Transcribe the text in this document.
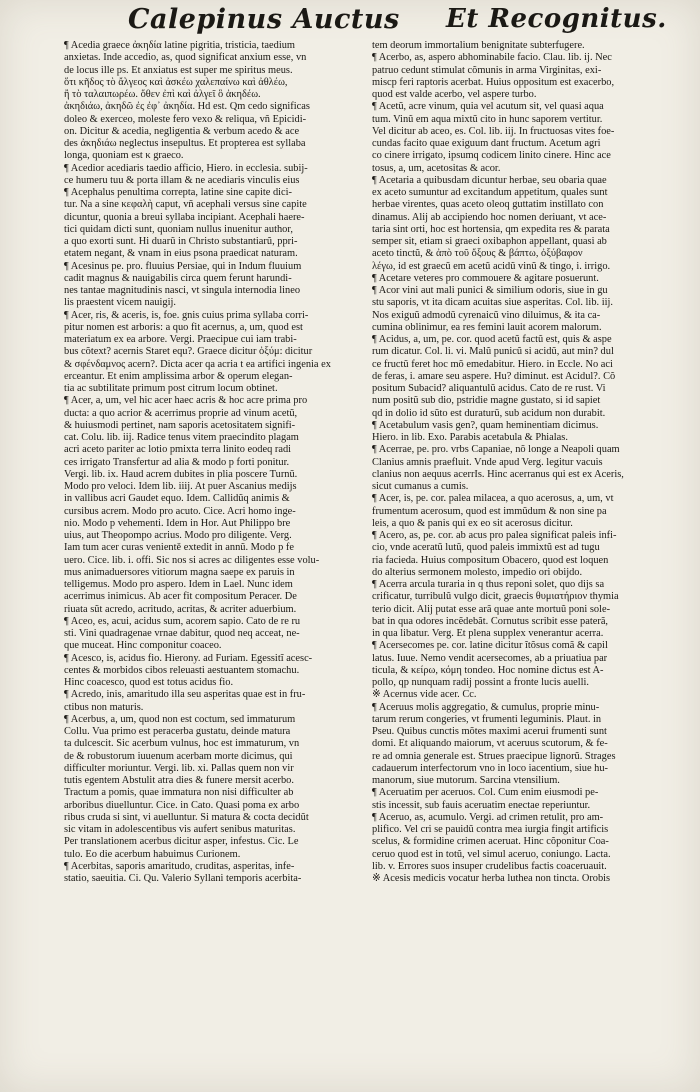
Calepinus Auctus Et Recognitus.
¶ Acedia graece ἀκηδία latine pigritia, tristicia, taedium
anxietas. Inde accedio, as, quod significat anxium esse, vn
de locus ille ps. Et anxiatus est super me spiritus meus.
ὅτι κῆδος τὸ ἄλγεος καὶ ἀσκέω χαλεπαίνω καὶ ἀθλέω,
ἢ τὸ ταλαιπωρέω. ὅθεν ἐπὶ καὶ ἀλγεῖ ὃ ἀκηδέω.
ἀκηδιάω, ἀκηδῶ ἐς ἐφ᾿ ἀκηδία. Hd est. Qm cedo significas
doleo & exerceo, moleste fero vexo & reliqua, vñ Epicidi-
on. Dicitur & acedia, negligentia & verbum acedo & ace
des ἀκηδιάω neglectus insepultus. Et propterea est syllaba
longa, quoniam est κ graeco.
¶ Acedior acediaris taedio afficio, Hiero. in ecclesia. subij-
ce humeru tuu & porta illam & ne acediaris vinculis eius
¶ Acephalus penultima correpta, latine sine capite dici-
tur. Na a sine κεφαλὴ caput, vñ acephali versus sine capite
dicuntur, quonia a breui syllaba incipiant. Acephali haere-
tici quidam dicti sunt, quoniam nullus inuenitur author,
a quo exorti sunt. Hi duarũ in Christo substantiarũ, ppri-
etatem negant, & vnam in eius psona praedicat naturam.
¶ Acesinus pe. pro. fluuius Persiae, qui in Indum fluuium
cadit magnus & nauigabilis circa quem ferunt harundi-
nes tantae magnitudinis nasci, vt singula internodia lineo
lis praestent vicem nauigij.
¶ Acer, ris, & aceris, is, foe. gnis cuius prima syllaba corri-
pitur nomen est arboris: a quo fit acernus, a, um, quod est
materiatum ex ea arbore. Vergi. Praecipue cui iam trabi-
bus cõtext? acernis Staret equ?. Graece dicitur ὀξύμ: dicitur
& σφένδαμνος acern?. Dicta acer qa acria t ea artifici ingenia ex
erceantur. Et enim amplissima arbor & operum elegan-
tia ac subtilitate primum post citrum locum obtinet.
¶ Acer, a, um, vel hic acer haec acris & hoc acre prima pro
ducta: a quo acrior & acerrimus proprie ad vinum acetũ,
& huiusmodi pertinet, nam saporis acetositatem signifi-
cat. Colu. lib. iij. Radice tenus vitem praecindito plagam
acri aceto pariter ac lotio pmixta terra linito eodeq radi
ces irrigato Transfertur ad alia & modo p forti ponitur.
Vergi. lib. ix. Haud acrem dubites in plia poscere Turnũ.
Modo pro veloci. Idem lib. iiij. At puer Ascanius medijs
in vallibus acri Gaudet equo. Idem. Callidũq animis &
cursibus acrem. Modo pro acuto. Cice. Acri homo inge-
nio. Modo p vehementi. Idem in Hor. Aut Philippo bre
uius, aut Theopompo acrius. Modo pro diligente. Verg.
Iam tum acer curas venientě extedit in annũ. Modo p fe
uero. Cice. lib. i. offi. Sic nos si acres ac diligentes esse volu-
mus animaduersores vitiorum magna saepe ex paruis in
telligemus. Modo pro aspero. Idem in Lael. Nunc idem
acerrimus inimicus. Ab acer fit compositum Peracer. De
riuata sũt acredo, acritudo, acritas, & acriter aduerbium.
¶ Aceo, es, acui, acidus sum, acorem sapio. Cato de re ru
sti. Vini quadragenae vrnae dabitur, quod neq acceat, ne-
que muceat. Hinc componitur coaceo.
¶ Acesco, is, acidus fio. Hierony. ad Furiam. Egessitĩ acesc-
centes & morbidos cibos releuasti aestuantem stomachu.
Hinc coacesco, quod est totus acidus fio.
¶ Acredo, inis, amaritudo illa seu asperitas quae est in fru-
ctibus non maturis.
¶ Acerbus, a, um, quod non est coctum, sed immaturum
Collu. Vua primo est peracerba gustatu, deinde matura
ta dulcescit. Sic acerbum vulnus, hoc est immaturum, vn
de & robustorum iuuenum acerbam morte dicimus, qui
difficulter moriuntur. Vergi. lib. xi. Pallas quem non vir
tutis egentem Abstulit atra dies & funere mersit acerbo.
Tractum a pomis, quae immatura non nisi difficulter ab
arboribus diuelluntur. Cice. in Cato. Quasi poma ex arbo
ribus cruda si sint, vi auelluntur. Si matura & cocta decidũt
sic vitam in adolescentibus vis aufert senibus maturitas.
Per translationem acerbus dicitur asper, infestus. Cic. Le
tulo. Eo die acerbum habuimus Curionem.
¶ Acerbitas, saporis amaritudo, cruditas, asperitas, infe-
statio, saeuitia. Ci. Qu. Valerio Syllani temporis acerbita-
tem deorum immortalium benignitate subterfugere.
¶ Acerbo, as, aspero abhominabile facio. Clau. lib. ij. Nec
patruo cedunt stimulat cõmunis in arma Virginitas, exi-
miscp feri raptoris acerbat. Huius oppositum est exacerbo,
quod est valde acerbo, vel aspere turbo.
¶ Acetũ, acre vinum, quia vel acutum sit, vel quasi aqua
tum. Vinũ em aqua mixtũ cito in hunc saporem vertitur.
Vel dicitur ab aceo, es. Col. lib. iij. In fructuosas vites foe-
cundas facito quae exiguum dant fructum. Acetum agri
co cinere irrigato, ipsumq codicem linito cinere. Hinc ace
tosus, a, um, acetositas & acor.
¶ Acetaria a quibusdam dicuntur herbae, seu obaria quae
ex aceto sumuntur ad excitandum appetitum, quales sunt
herbae virentes, quas aceto oleoq guttatim instillato con
dinamus. Alij ab accipiendo hoc nomen deriuant, vt ace-
taria sint orti, hoc est hortensia, qm expedita res & parata
semper sit, etiam si graeci oxibaphon appellant, quasi ab
aceto tinctũ, & ἀπὸ τοῦ ὄξους & βάπτω, ὀξύβαφον
λέγω, id est graecũ em acetũ acidũ vinũ & tingo, i. irrigo.
¶ Acetare veteres pro commouere & agitare posuerunt.
¶ Acor vini aut mali punici & similium odoris, siue in gu
stu saporis, vt ita dicam acuitas siue asperitas. Col. lib. iij.
Nos exiguũ admodũ cyrenaicũ vino diluimus, & ita ca-
cumina oblinimur, ea res femini lauit acorem malorum.
¶ Acidus, a, um, pe. cor. quod acetũ factũ est, quis & aspe
rum dicatur. Col. li. vi. Malũ punicũ si acidũ, aut min? dul
ce fructũ feret hoc mõ emedabitur. Hiero. in Eccle. No aci
de feras, i. amare seu aspere. Hu? diminut. est Acidul?. Cõ
positum Subacid? aliquantulũ acidus. Cato de re rust. Vi
num positũ sub dio, pstridie magne gustato, si id sapiet
qd in dolio id sũto est duraturũ, sub acidum non durabit.
¶ Acetabulum vasis gen?, quam heminentiam dicimus.
Hiero. in lib. Exo. Parabis acetabula & Phialas.
¶ Acerrae, pe. pro. vrbs Capaniae, nõ longe a Neapoli quam
Clanius amnis praefluit. Vnde apud Verg. legitur vacuis
clanius non aequus acerrIs. Hinc acerranus qui est ex Aceris,
sicut cumanus a cumis.
¶ Acer, is, pe. cor. palea milacea, a quo acerosus, a, um, vt
frumentum acerosum, quod est immũdum & non sine pa
leis, a quo & panis qui ex eo sit acerosus dicitur.
¶ Acero, as, pe. cor. ab acus pro palea significat paleis infi-
cio, vnde aceratũ lutũ, quod paleis immixtũ est ad tugu
ria facieda. Huius compositum Obacero, quod est loquen
do alterius sermonem molesto, impedio ori obijdo.
¶ Acerra arcula turaria in q thus reponi solet, quo dijs sa
crificatur, turribulũ vulgo dicit, graecis θυμιατήριον thymia
terio dicit. Alij putat esse arã quae ante mortuũ poni sole-
bat in qua odores incẽdebãt. Cornutus scribit esse paterã,
in qua libatur. Verg. Et plena supplex venerantur acerra.
¶ Acersecomes pe. cor. latine dicitur ĩtõsus comã & capil
latus. Iuue. Nemo vendit acersecomes, ab a priuatiua par
ticula, & κείρω, κόμη tondeo. Hoc nomine dictus est A-
pollo, qp nunquam radij possint a fronte lucis auelli.
※ Acernus vide acer. Cc.
¶ Aceruus molis aggregatio, & cumulus, proprie minu-
tarum rerum congeries, vt frumenti leguminis. Plaut. in
Pseu. Quibus cunctis mõtes maximi acerui frumenti sunt
domi. Et aliquando maiorum, vt aceruus scutorum, & fe-
re ad omnia generale est. Strues praecipue lignorũ. Strages
cadauerum interfectorum vno in loco iacentium, siue hu-
manorum, siue mutorum. Sarcina vtensilium.
¶ Aceruatim per aceruos. Col. Cum enim eiusmodi pe-
stis incessit, sub fauis aceruatim enectae reperiuntur.
¶ Aceruo, as, acumulo. Vergi. ad crimen retulit, pro am-
plifico. Vel cri se pauidũ contra mea iurgia fingit artificis
scelus, & formidine crimen aceruat. Hinc cõponitur Coa-
ceruo quod est in totũ, vel simul aceruo, coniungo. Lacta.
lib. v. Errores suos insuper crudelibus factis coaceruauit.
※ Acesis medicis vocatur herba luthea non tincta. Orobis
